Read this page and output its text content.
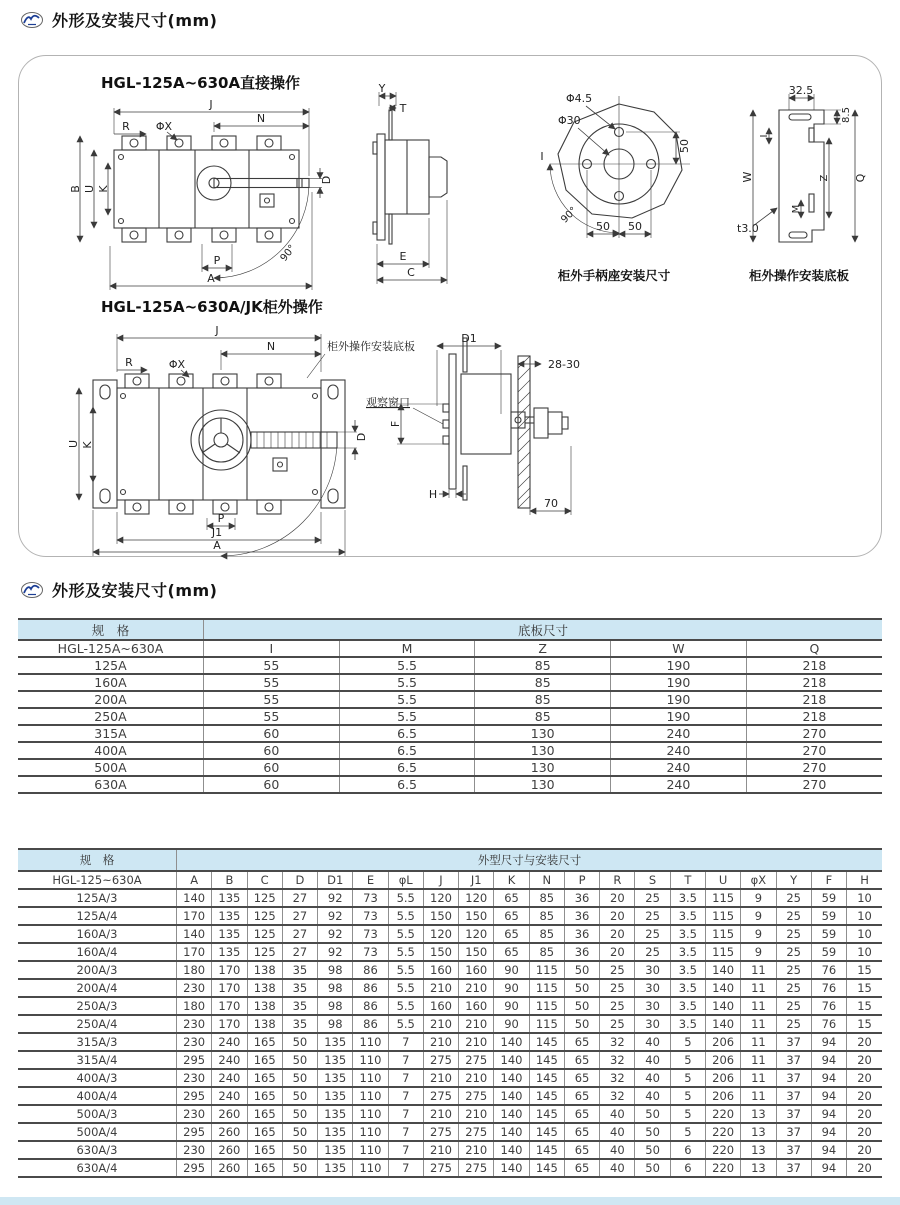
外形及安装尺寸(mm)
HGL-125A~630A直接操作
J
N
R ΦX
B U K
D
90°
P
A
Y
T
E
C
Φ4.5
Φ30
50
50 50
90°
I
柜外手柄座安装尺寸
32.5
8.5
I
W
M
Z Q
t3.0
柜外操作安装底板
HGL-125A~630A/JK柜外操作
J
N
R	ΦX
柜外操作安装底板
U K
D
P
J1
A
D1
28-30
观察窗口
F
H
70
外形及安装尺寸(mm)
规　格	底板尺寸				
HGL-125A~630A	I	M	Z	W	Q
125A	55	5.5	85	190	218
160A	55	5.5	85	190	218
200A	55	5.5	85	190	218
250A	55	5.5	85	190	218
315A	60	6.5	130	240	270
400A	60	6.5	130	240	270
500A	60	6.5	130	240	270
630A	60	6.5	130	240	270
规　格	外型尺寸与安装尺寸																			
HGL-125~630A	A	B	C	D	D1	E	φL	J	J1	K	N	P	R	S	T	U	φX	Y	F	H
125A/3	140	135	125	27	92	73	5.5	120	120	65	85	36	20	25	3.5	115	9	25	59	10
125A/4	170	135	125	27	92	73	5.5	150	150	65	85	36	20	25	3.5	115	9	25	59	10
160A/3	140	135	125	27	92	73	5.5	120	120	65	85	36	20	25	3.5	115	9	25	59	10
160A/4	170	135	125	27	92	73	5.5	150	150	65	85	36	20	25	3.5	115	9	25	59	10
200A/3	180	170	138	35	98	86	5.5	160	160	90	115	50	25	30	3.5	140	11	25	76	15
200A/4	230	170	138	35	98	86	5.5	210	210	90	115	50	25	30	3.5	140	11	25	76	15
250A/3	180	170	138	35	98	86	5.5	160	160	90	115	50	25	30	3.5	140	11	25	76	15
250A/4	230	170	138	35	98	86	5.5	210	210	90	115	50	25	30	3.5	140	11	25	76	15
315A/3	230	240	165	50	135	110	7	210	210	140	145	65	32	40	5	206	11	37	94	20
315A/4	295	240	165	50	135	110	7	275	275	140	145	65	32	40	5	206	11	37	94	20
400A/3	230	240	165	50	135	110	7	210	210	140	145	65	32	40	5	206	11	37	94	20
400A/4	295	240	165	50	135	110	7	275	275	140	145	65	32	40	5	206	11	37	94	20
500A/3	230	260	165	50	135	110	7	210	210	140	145	65	40	50	5	220	13	37	94	20
500A/4	295	260	165	50	135	110	7	275	275	140	145	65	40	50	5	220	13	37	94	20
630A/3	230	260	165	50	135	110	7	210	210	140	145	65	40	50	6	220	13	37	94	20
630A/4	295	260	165	50	135	110	7	275	275	140	145	65	40	50	6	220	13	37	94	20
